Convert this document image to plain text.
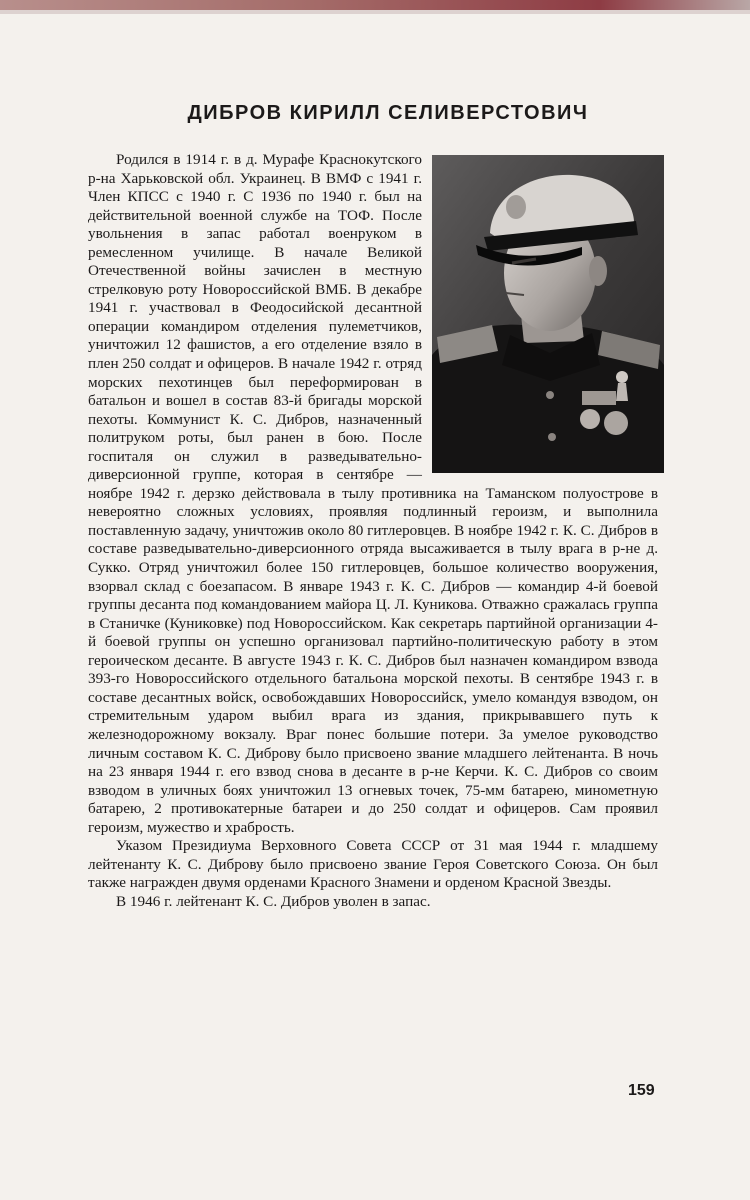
ДИБРОВ КИРИЛЛ СЕЛИВЕРСТОВИЧ

Родился в 1914 г. в д. Мурафе Краснокутского р-на Харьковской обл. Украинец. В ВМФ с 1941 г. Член КПСС с 1940 г. С 1936 по 1940 г. был на действительной военной службе на ТОФ. После увольнения в запас работал военруком в ремесленном училище. В начале Великой Отечественной войны зачислен в местную стрелковую роту Новороссийской ВМБ. В декабре 1941 г. участвовал в Феодосийской десантной операции командиром отделения пулеметчиков, уничтожил 12 фашистов, а его отделение взяло в плен 250 солдат и офицеров. В начале 1942 г. отряд морских пехотинцев был переформирован в батальон и вошел в состав 83-й бригады морской пехоты. Коммунист К. С. Дибров, назначенный политруком роты, был ранен в бою. После госпиталя он служил в разведывательно-диверсионной группе, которая в сентябре — ноябре 1942 г. дерзко действовала в тылу противника на Таманском полуострове в невероятно сложных условиях, проявляя подлинный героизм, и выполнила поставленную задачу, уничтожив около 80 гитлеровцев. В ноябре 1942 г. К. С. Дибров в составе разведывательно-диверсионного отряда высаживается в тылу врага в р-не д. Сукко. Отряд уничтожил более 150 гитлеровцев, большое количество вооружения, взорвал склад с боезапасом. В январе 1943 г. К. С. Дибров — командир 4-й боевой группы десанта под командованием майора Ц. Л. Куникова. Отважно сражалась группа в Станичке (Куниковке) под Новороссийском. Как секретарь партийной организации 4-й боевой группы он успешно организовал партийно-политическую работу в этом героическом десанте. В августе 1943 г. К. С. Дибров был назначен командиром взвода 393-го Новороссийского отдельного батальона морской пехоты. В сентябре 1943 г. в составе десантных войск, освобождавших Новороссийск, умело командуя взводом, он стремительным ударом выбил врага из здания, прикрывавшего путь к железнодорожному вокзалу. Враг понес большие потери. За умелое руководство личным составом К. С. Диброву было присвоено звание младшего лейтенанта. В ночь на 23 января 1944 г. его взвод снова в десанте в р-не Керчи. К. С. Дибров со своим взводом в уличных боях уничтожил 13 огневых точек, 75-мм батарею, минометную батарею, 2 противокатерные батареи и до 250 солдат и офицеров. Сам проявил героизм, мужество и храбрость.

Указом Президиума Верховного Совета СССР от 31 мая 1944 г. младшему лейтенанту К. С. Диброву было присвоено звание Героя Советского Союза. Он был также награжден двумя орденами Красного Знамени и орденом Красной Звезды.

В 1946 г. лейтенант К. С. Дибров уволен в запас.

159
